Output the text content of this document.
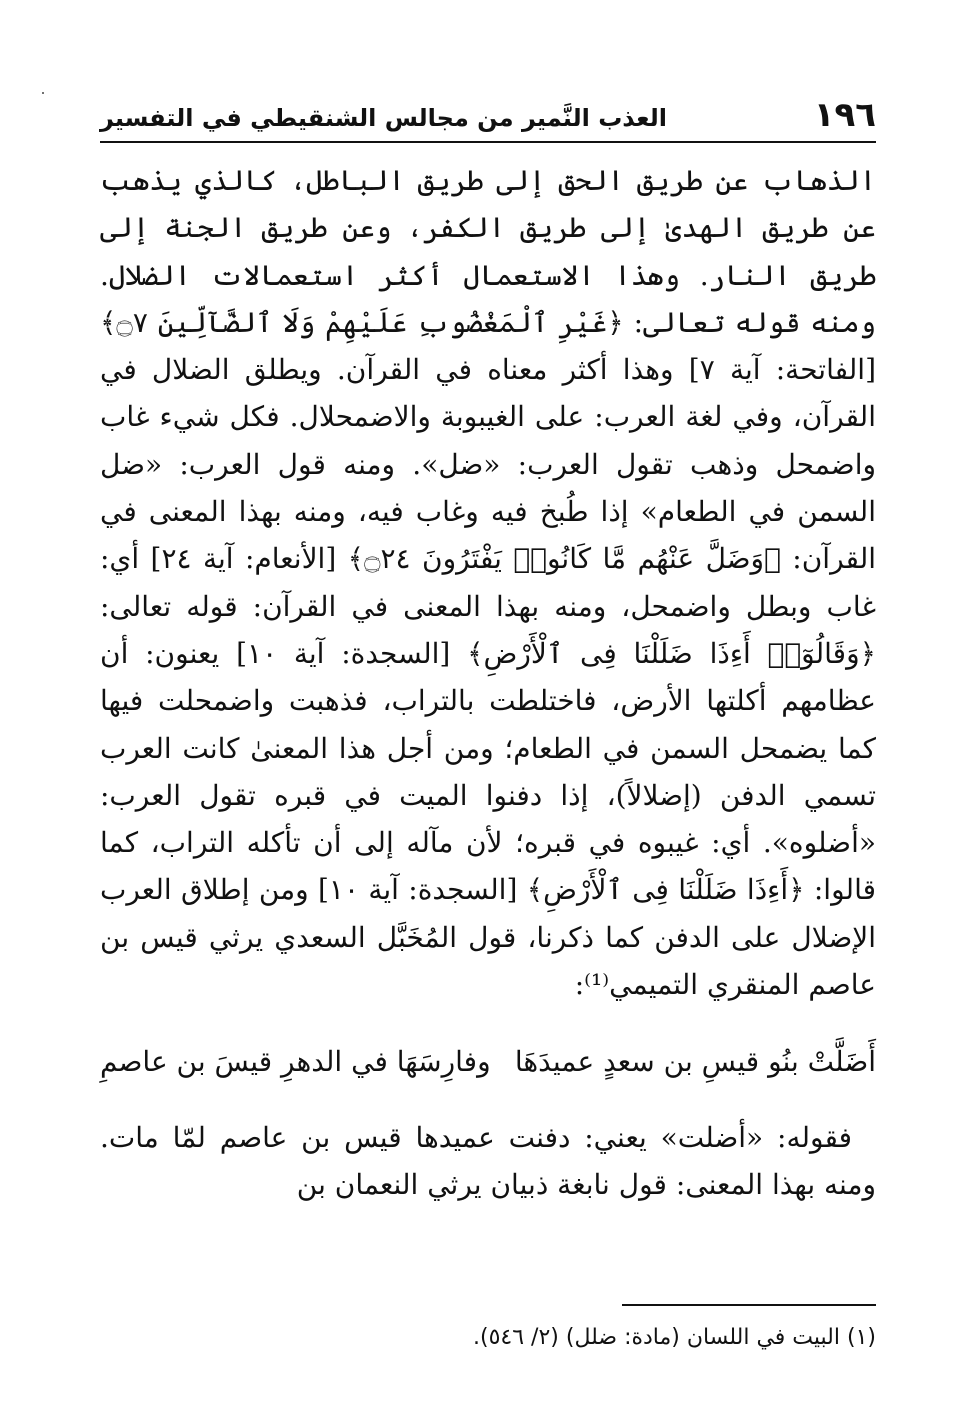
١٩٦
العذب النَّمير من مجالس الشنقيطي في التفسير
الذهاب عن طريق الحق إلى طريق الباطل، كالذي يذهب عن طريق الهدىٰ إلى طريق الكفر، وعن طريق الجنة إلى طريق النار. وهذا الاستعمال أكثر استعمالات الضلال. ومنه قوله تعالى: ﴿غَيْرِ ٱلْمَغْضُوبِ عَلَيْهِمْ وَلَا ٱلضَّآلِّينَ ۝٧﴾ [الفاتحة: آية ٧] وهذا أكثر معناه في القرآن. ويطلق الضلال في القرآن، وفي لغة العرب: على الغيبوبة والاضمحلال. فكل شيء غاب واضمحل وذهب تقول العرب: «ضل». ومنه قول العرب: «ضل السمن في الطعام» إذا طُبخ فيه وغاب فيه، ومنه بهذا المعنى في القرآن: ﴿وَضَلَّ عَنْهُم مَّا كَانُوا۟ يَفْتَرُونَ ۝٢٤﴾ [الأنعام: آية ٢٤] أي: غاب وبطل واضمحل، ومنه بهذا المعنى في القرآن: قوله تعالى: ﴿وَقَالُوٓا۟ أَءِذَا ضَلَلْنَا فِى ٱلْأَرْضِ﴾ [السجدة: آية ١٠] يعنون: أن عظامهم أكلتها الأرض، فاختلطت بالتراب، فذهبت واضمحلت فيها كما يضمحل السمن في الطعام؛ ومن أجل هذا المعنىٰ كانت العرب تسمي الدفن (إضلالاً)، إذا دفنوا الميت في قبره تقول العرب: «أضلوه». أي: غيبوه في قبره؛ لأن مآله إلى أن تأكله التراب، كما قالوا: ﴿أَءِذَا ضَلَلْنَا فِى ٱلْأَرْضِ﴾ [السجدة: آية ١٠] ومن إطلاق العرب الإضلال على الدفن كما ذكرنا، قول المُخَبَّل السعدي يرثي قيس بن عاصم المنقري التميمي⁽¹⁾:
أَضَلَّتْ بنُو قيسِ بن سعدٍ عميدَهَا
وفارِسَهَا في الدهرِ قيسَ بن عاصمِ
فقوله: «أضلت» يعني: دفنت عميدها قيس بن عاصم لمّا مات. ومنه بهذا المعنى: قول نابغة ذبيان يرثي النعمان بن
(١) البيت في اللسان (مادة: ضلل) (٢/ ٥٤٦).
